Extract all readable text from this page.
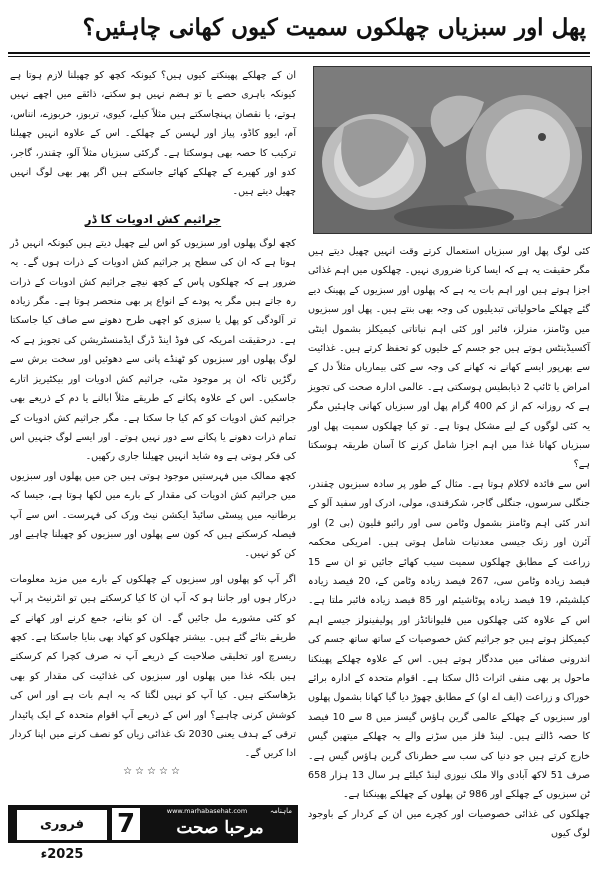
پھل اور سبزیاں چھلکوں سمیت کیوں کھانی چاہئیں؟

ان کے چھلکے پھینکتے کیوں ہیں؟ کیونکہ کچھ کو چھیلنا لازم ہوتا ہے کیونکہ باہری حصے یا تو ہضم نہیں ہو سکتے، ذائقے میں اچھے نہیں ہوتے، یا نقصان پہنچاسکتے ہیں مثلاً کیلے، کیوی، تربوز، خربوزے، انناس، آم، ایوو کاڈو، پیاز اور لہسن کے چھلکے۔ اس کے علاوہ انہیں چھیلنا ترکیب کا حصہ بھی ہوسکتا ہے۔ گرکئی سبزیاں مثلاً آلو، چقندر، گاجر، کدو اور کھیرے کے چھلکے کھائے جاسکتے ہیں اگر پھر بھی لوگ انہیں چھیل دیتے ہیں۔

جراثیم کش ادویات کا ڈر

کچھ لوگ پھلوں اور سبزیوں کو اس لیے چھیل دیتے ہیں کیونکہ انہیں ڈر ہوتا ہے کہ ان کی سطح پر جراثیم کش ادویات کے ذرات ہوں گے۔ یہ ضرور ہے کہ چھلکوں پاس کے کچھ نیچے جراثیم کش ادویات کے ذرات رہ جاتے ہیں مگر یہ پودے کے انواع پر بھی منحصر ہوتا ہے۔ مگر زیادہ تر آلودگی کو پھل یا سبزی کو اچھی طرح دھونے سے صاف کیا جاسکتا ہے۔ درحقیقت امریکہ کی فوڈ اینڈ ڈرگ ایڈمنسٹریشن کی تجویز ہے کہ لوگ پھلوں اور سبزیوں کو ٹھنڈے پانی سے دھوئیں اور سخت برش سے رگڑیں تاکہ ان پر موجود مٹی، جراثیم کش ادویات اور بیکٹیریز اتارے جاسکیں۔ اس کے علاوہ پکانے کے طریقے مثلاً ابالنے یا دم کے ذریعے بھی جراثیم کش ادویات کو کم کیا جا سکتا ہے۔ مگر جراثیم کش ادویات کے تمام ذرات دھونے یا پکانے سے دور نہیں ہوتے۔ اور ایسے لوگ جنہیں اس کی فکر ہوتی ہے وہ شاید انہیں چھیلنا جاری رکھیں۔

کچھ ممالک میں فہرستیں موجود ہوتی ہیں جن میں پھلوں اور سبزیوں میں جراثیم کش ادویات کی مقدار کے بارے میں لکھا ہوتا ہے، جیسا کہ برطانیہ میں پیسٹی سائیڈ ایکشن نیٹ ورک کی فہرست۔ اس سے آپ فیصلہ کرسکتے ہیں کہ کون سے پھلوں اور سبزیوں کو چھیلنا چاہیے اور کن کو نہیں۔

اگر آپ کو پھلوں اور سبزیوں کے چھلکوں کے بارے میں مزید معلومات درکار ہوں اور جاننا ہو کہ آپ ان کا کیا کرسکتے ہیں تو انٹرنیٹ پر آپ کو کئی مشورے مل جائیں گے۔ ان کو بنانے، جمع کرنے اور کھانے کے طریقے بتائے گئے ہیں۔ بیشتر چھلکوں کو کھاد بھی بنایا جاسکتا ہے۔ کچھ ریسرچ اور تخلیقی صلاحیت کے ذریعے آپ نہ صرف کچرا کم کرسکتے ہیں بلکہ غذا میں پھلوں اور سبزیوں کی غذائیت کی مقدار کو بھی بڑھاسکتے ہیں۔ کیا آپ کو نہیں لگتا کہ یہ اہم بات ہے اور اس کی کوشش کرنی چاہیے؟ اور اس کے ذریعے آپ اقوام متحدہ کے ایک پائیدار ترقی کے ہدف یعنی 2030 تک غذائی زیاں کو نصف کرنے میں اپنا کردار ادا کریں گے۔

☆☆☆☆☆

کئی لوگ پھل اور سبزیاں استعمال کرتے وقت انہیں چھیل دیتے ہیں مگر حقیقت یہ ہے کہ ایسا کرنا ضروری نہیں۔ چھلکوں میں اہم غذائی اجزا ہوتے ہیں اور اہم بات یہ ہے کہ پھلوں اور سبزیوں کے پھینک دیے گئے چھلکے ماحولیاتی تبدیلیوں کی وجہ بھی بنتے ہیں۔ پھل اور سبزیوں میں وٹامنز، منرلز، فائبر اور کئی اہم نباتاتی کیمیکلز بشمول اینٹی آکسیڈینٹس ہوتے ہیں جو جسم کے خلیوں کو تحفظ کرتے ہیں۔ غذائیت سے بھرپور ایسے کھانے نہ کھانے کی وجہ سے کئی بیماریاں مثلاً دل کے امراض یا ٹائپ 2 ذیابطیس ہوسکتی ہے۔ عالمی ادارہ صحت کی تجویز ہے کہ روزانہ کم از کم 400 گرام پھل اور سبزیاں کھانی چاہئیں مگر یہ کئی لوگوں کے لیے مشکل ہوتا ہے۔ تو کیا چھلکوں سمیت پھل اور سبزیاں کھانا غذا میں اہم اجزا شامل کرنے کا آسان طریقہ ہوسکتا ہے؟

اس سے فائدہ لاکلام ہوتا ہے۔ مثال کے طور پر سادہ سبزیوں چقندر، جنگلی سرسوں، جنگلی گاجر، شکرقندی، مولی، ادرک اور سفید آلو کے اندر کئی اہم وٹامنز بشمول وٹامن سی اور رائبو فلیون (بی 2) اور آئرن اور زنک جیسی معدنیات شامل ہوتی ہیں۔ امریکی محکمہ زراعت کے مطابق چھلکوں سمیت سیب کھائے جائیں تو ان سے 15 فیصد زیادہ وٹامن سی، 267 فیصد زیادہ وٹامن کے، 20 فیصد زیادہ کیلشیئم، 19 فیصد زیادہ پوٹاشیئم اور 85 فیصد زیادہ فائبر ملتا ہے۔ اس کے علاوہ کئی چھلکوں میں فلیوانائڈز اور پولیفینولز جیسے اہم کیمیکلز ہوتے ہیں جو جراثیم کش خصوصیات کے ساتھ ساتھ جسم کی اندرونی صفائی میں مددگار ہوتے ہیں۔ اس کے علاوہ چھلکے پھینکنا ماحول پر بھی منفی اثرات ڈال سکتا ہے۔ اقوام متحدہ کے ادارہ برائے خوراک و زراعت (ایف اے او) کے مطابق چھوڑ دیا گیا کھانا بشمول پھلوں اور سبزیوں کے چھلکے عالمی گرین ہاؤس گیسز میں 8 سے 10 فیصد کا حصہ ڈالتے ہیں۔ لینڈ فلز میں سڑنے والے یہ چھلکے میتھین گیس خارج کرتے ہیں جو دنیا کی سب سے خطرناک گرین ہاؤس گیس ہے۔ صرف 51 لاکھ آبادی والا ملک نیوزی لینڈ کیلئے ہر سال 13 ہزار 658 ٹن سبزیوں کے چھلکے اور 986 ٹن پھلوں کے چھلکے پھینکتا ہے۔

چھلکوں کی غذائی خصوصیات اور کچرے میں ان کے کردار کے باوجود لوگ کیوں

فروری 2025ء
7	www.marhabasehat.com	ماہنامہ
مرحبا صحت
